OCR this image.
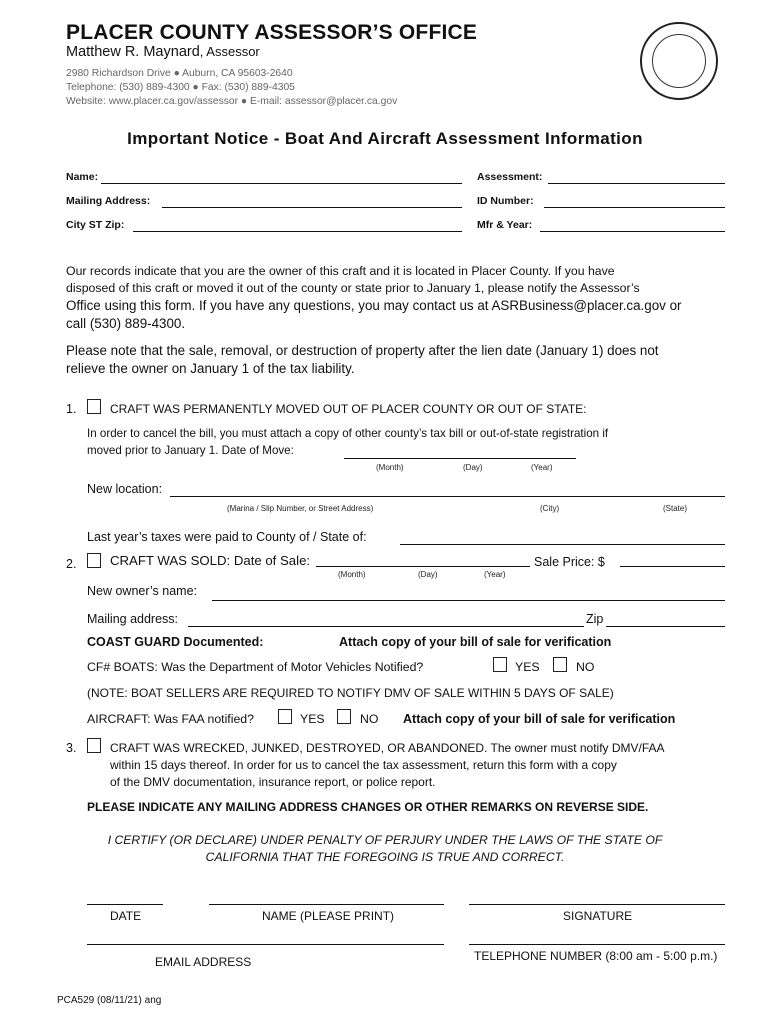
PLACER COUNTY ASSESSOR’S OFFICE
Matthew R. Maynard, Assessor
2980 Richardson Drive ● Auburn, CA 95603-2640
Telephone: (530) 889-4300 ● Fax: (530) 889-4305
Website: www.placer.ca.gov/assessor ● E-mail: assessor@placer.ca.gov
Important Notice - Boat And Aircraft Assessment Information
Name:
Mailing Address:
City ST Zip:
Assessment:
ID Number:
Mfr & Year:
Our records indicate that you are the owner of this craft and it is located in Placer County. If you have
disposed of this craft or moved it out of the county or state prior to January 1, please notify the Assessor’s
Office using this form. If you have any questions, you may contact us at ASRBusiness@placer.ca.gov or
call (530) 889-4300.
Please note that the sale, removal, or destruction of property after the lien date (January 1) does not
relieve the owner on January 1 of the tax liability.
1.	CRAFT WAS PERMANENTLY MOVED OUT OF PLACER COUNTY OR OUT OF STATE:
In order to cancel the bill, you must attach a copy of other county’s tax bill or out-of-state registration if
moved prior to January 1. Date of Move:
(Month)	(Day)	(Year)
New location:
(Marina / Slip Number, or Street Address)	(City)	(State)
Last year’s taxes were paid to County of / State of:
2.	CRAFT WAS SOLD: Date of Sale:	Sale Price: $
(Month)	(Day)	(Year)
New owner’s name:
Mailing address:	Zip
COAST GUARD Documented:	Attach copy of your bill of sale for verification
CF# BOATS: Was the Department of Motor Vehicles Notified?	YES	NO
(NOTE: BOAT SELLERS ARE REQUIRED TO NOTIFY DMV OF SALE WITHIN 5 DAYS OF SALE)
AIRCRAFT: Was FAA notified?	YES	NO Attach copy of your bill of sale for verification
3.	CRAFT WAS WRECKED, JUNKED, DESTROYED, OR ABANDONED. The owner must notify DMV/FAA
within 15 days thereof. In order for us to cancel the tax assessment, return this form with a copy
of the DMV documentation, insurance report, or police report.
PLEASE INDICATE ANY MAILING ADDRESS CHANGES OR OTHER REMARKS ON REVERSE SIDE.
I CERTIFY (OR DECLARE) UNDER PENALTY OF PERJURY UNDER THE LAWS OF THE STATE OF
CALIFORNIA THAT THE FOREGOING IS TRUE AND CORRECT.
DATE	NAME (PLEASE PRINT)	SIGNATURE
EMAIL ADDRESS	TELEPHONE NUMBER (8:00 am - 5:00 p.m.)
PCA529 (08/11/21) ang
